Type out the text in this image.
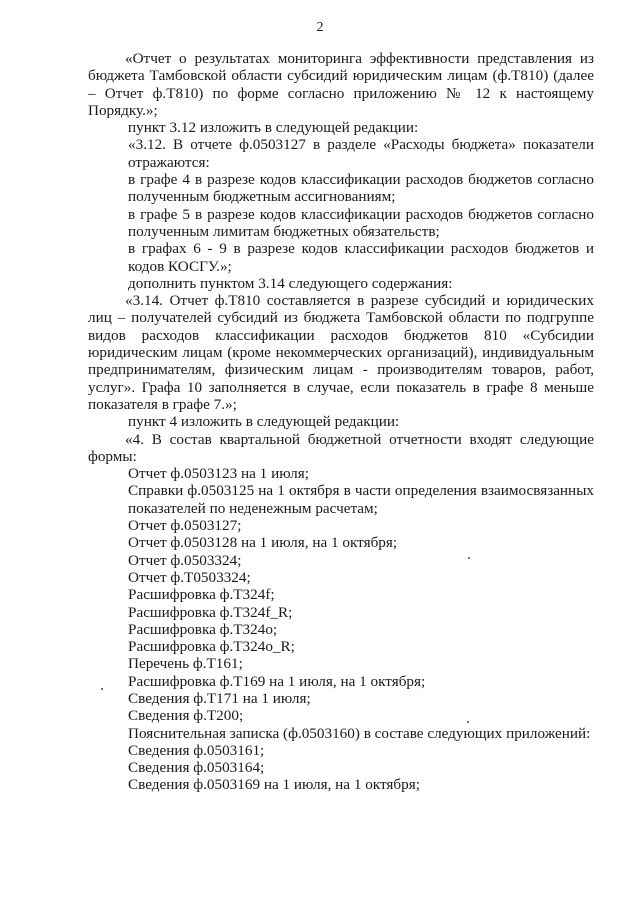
2

«Отчет о результатах мониторинга эффективности представления из бюджета Тамбовской области субсидий юридическим лицам (ф.Т810) (далее – Отчет ф.Т810) по форме согласно приложению № 12 к настоящему Порядку.»;

пункт 3.12 изложить в следующей редакции:

«3.12. В отчете ф.0503127 в разделе «Расходы бюджета» показатели отражаются:

в графе 4 в разрезе кодов классификации расходов бюджетов согласно полученным бюджетным ассигнованиям;

в графе 5 в разрезе кодов классификации расходов бюджетов согласно полученным лимитам бюджетных обязательств;

в графах 6 - 9 в разрезе кодов классификации расходов бюджетов и кодов КОСГУ.»;

дополнить пунктом 3.14 следующего содержания:

«3.14. Отчет ф.Т810 составляется в разрезе субсидий и юридических лиц – получателей субсидий из бюджета Тамбовской области по подгруппе видов расходов классификации расходов бюджетов 810 «Субсидии юридическим лицам (кроме некоммерческих организаций), индивидуальным предпринимателям, физическим лицам - производителям товаров, работ, услуг». Графа 10 заполняется в случае, если показатель в графе 8 меньше показателя в графе 7.»;

пункт 4 изложить в следующей редакции:

«4. В состав квартальной бюджетной отчетности входят следующие формы:

Отчет ф.0503123 на 1 июля;

Справки ф.0503125 на 1 октября в части определения взаимосвязанных показателей по неденежным расчетам;

Отчет ф.0503127;

Отчет ф.0503128 на 1 июля, на 1 октября;

Отчет ф.0503324;

Отчет ф.Т0503324;

Расшифровка ф.Т324f;

Расшифровка ф.Т324f_R;

Расшифровка ф.Т324o;

Расшифровка ф.Т324o_R;

Перечень ф.Т161;

Расшифровка ф.Т169 на 1 июля, на 1 октября;

Сведения ф.Т171 на 1 июля;

Сведения ф.Т200;

Пояснительная записка (ф.0503160) в составе следующих приложений:

Сведения ф.0503161;

Сведения ф.0503164;

Сведения ф.0503169 на 1 июля, на 1 октября;
